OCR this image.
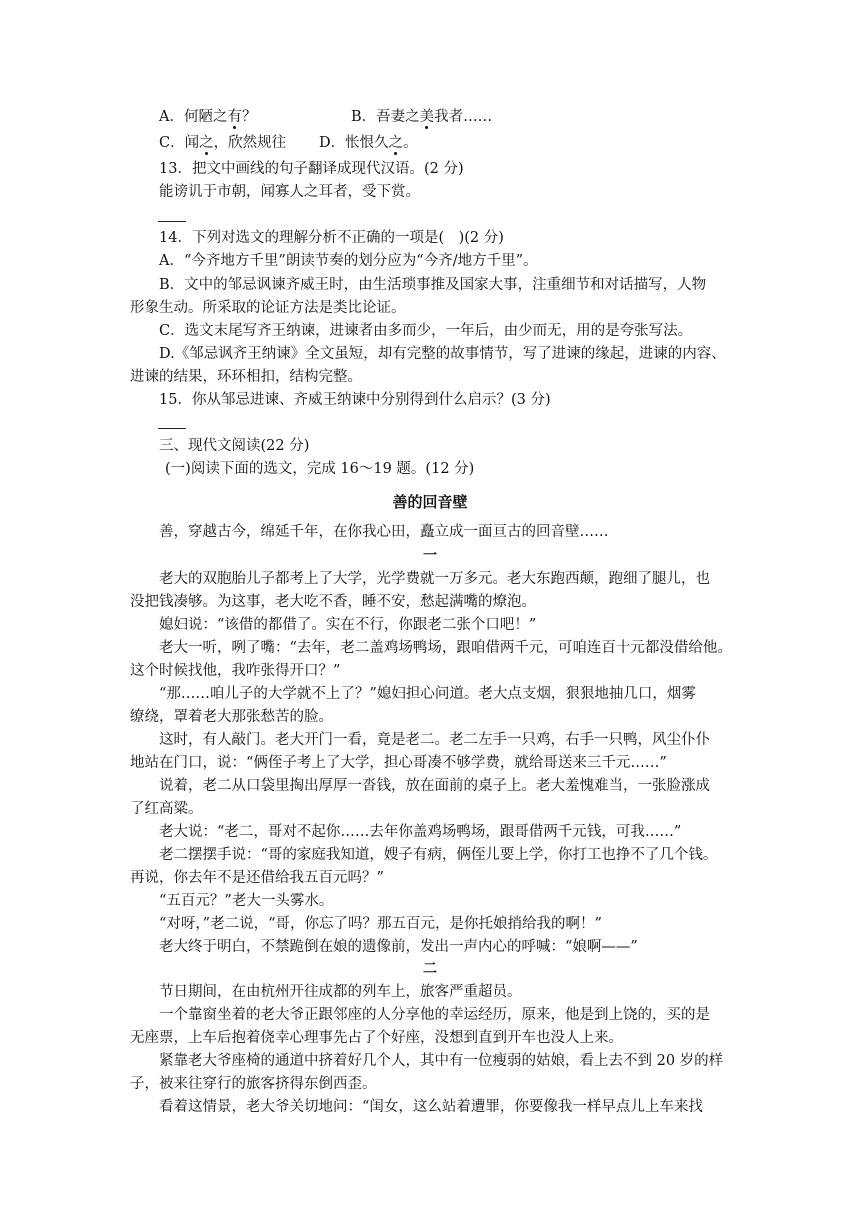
A．何陋之有？	B．吾妻之美我者……
C．闻之，欣然规往 D．怅恨久之。
13．把文中画线的句子翻译成现代汉语。(2 分)
能谤讥于市朝，闻寡人之耳者，受下赏。
14．下列对选文的理解分析不正确的一项是(　)(2 分)
A．“今齐地方千里”朗读节奏的划分应为“今齐/地方千里”。
B．文中的邹忌讽谏齐威王时，由生活琐事推及国家大事，注重细节和对话描写，人物
形象生动。所采取的论证方法是类比论证。
C．选文末尾写齐王纳谏，进谏者由多而少，一年后，由少而无，用的是夸张写法。
D.《邹忌讽齐王纳谏》全文虽短，却有完整的故事情节，写了进谏的缘起，进谏的内容、
进谏的结果，环环相扣，结构完整。
15．你从邹忌进谏、齐威王纳谏中分别得到什么启示？(3 分)
三、现代文阅读(22 分)
(一)阅读下面的选文，完成 16～19 题。(12 分)
善的回音壁
善，穿越古今，绵延千年，在你我心田，矗立成一面亘古的回音壁……
一
老大的双胞胎儿子都考上了大学，光学费就一万多元。老大东跑西颠，跑细了腿儿，也
没把钱凑够。为这事，老大吃不香，睡不安，愁起满嘴的燎泡。
媳妇说：“该借的都借了。实在不行，你跟老二张个口吧！”
老大一听，咧了嘴：“去年，老二盖鸡场鸭场，跟咱借两千元，可咱连百十元都没借给他。
这个时候找他，我咋张得开口？”
“那……咱儿子的大学就不上了？”媳妇担心问道。老大点支烟，狠狠地抽几口，烟雾
缭绕，罩着老大那张愁苦的脸。
这时，有人敲门。老大开门一看，竟是老二。老二左手一只鸡，右手一只鸭，风尘仆仆
地站在门口，说：“俩侄子考上了大学，担心哥凑不够学费，就给哥送来三千元……”
说着，老二从口袋里掏出厚厚一沓钱，放在面前的桌子上。老大羞愧难当，一张脸涨成
了红高粱。
老大说：“老二，哥对不起你……去年你盖鸡场鸭场，跟哥借两千元钱，可我……”
老二摆摆手说：“哥的家庭我知道，嫂子有病，俩侄儿要上学，你打工也挣不了几个钱。
再说，你去年不是还借给我五百元吗？”
“五百元？”老大一头雾水。
“对呀，”老二说，“哥，你忘了吗？那五百元，是你托娘捎给我的啊！”
老大终于明白，不禁跪倒在娘的遗像前，发出一声内心的呼喊：“娘啊——”
二
节日期间，在由杭州开往成都的列车上，旅客严重超员。
一个靠窗坐着的老大爷正跟邻座的人分享他的幸运经历，原来，他是到上饶的，买的是
无座票，上车后抱着侥幸心理事先占了个好座，没想到直到开车也没人上来。
紧靠老大爷座椅的通道中挤着好几个人，其中有一位瘦弱的姑娘，看上去不到 20 岁的样
子，被来往穿行的旅客挤得东倒西歪。
看着这情景，老大爷关切地问：“闺女，这么站着遭罪，你要像我一样早点儿上车来找
